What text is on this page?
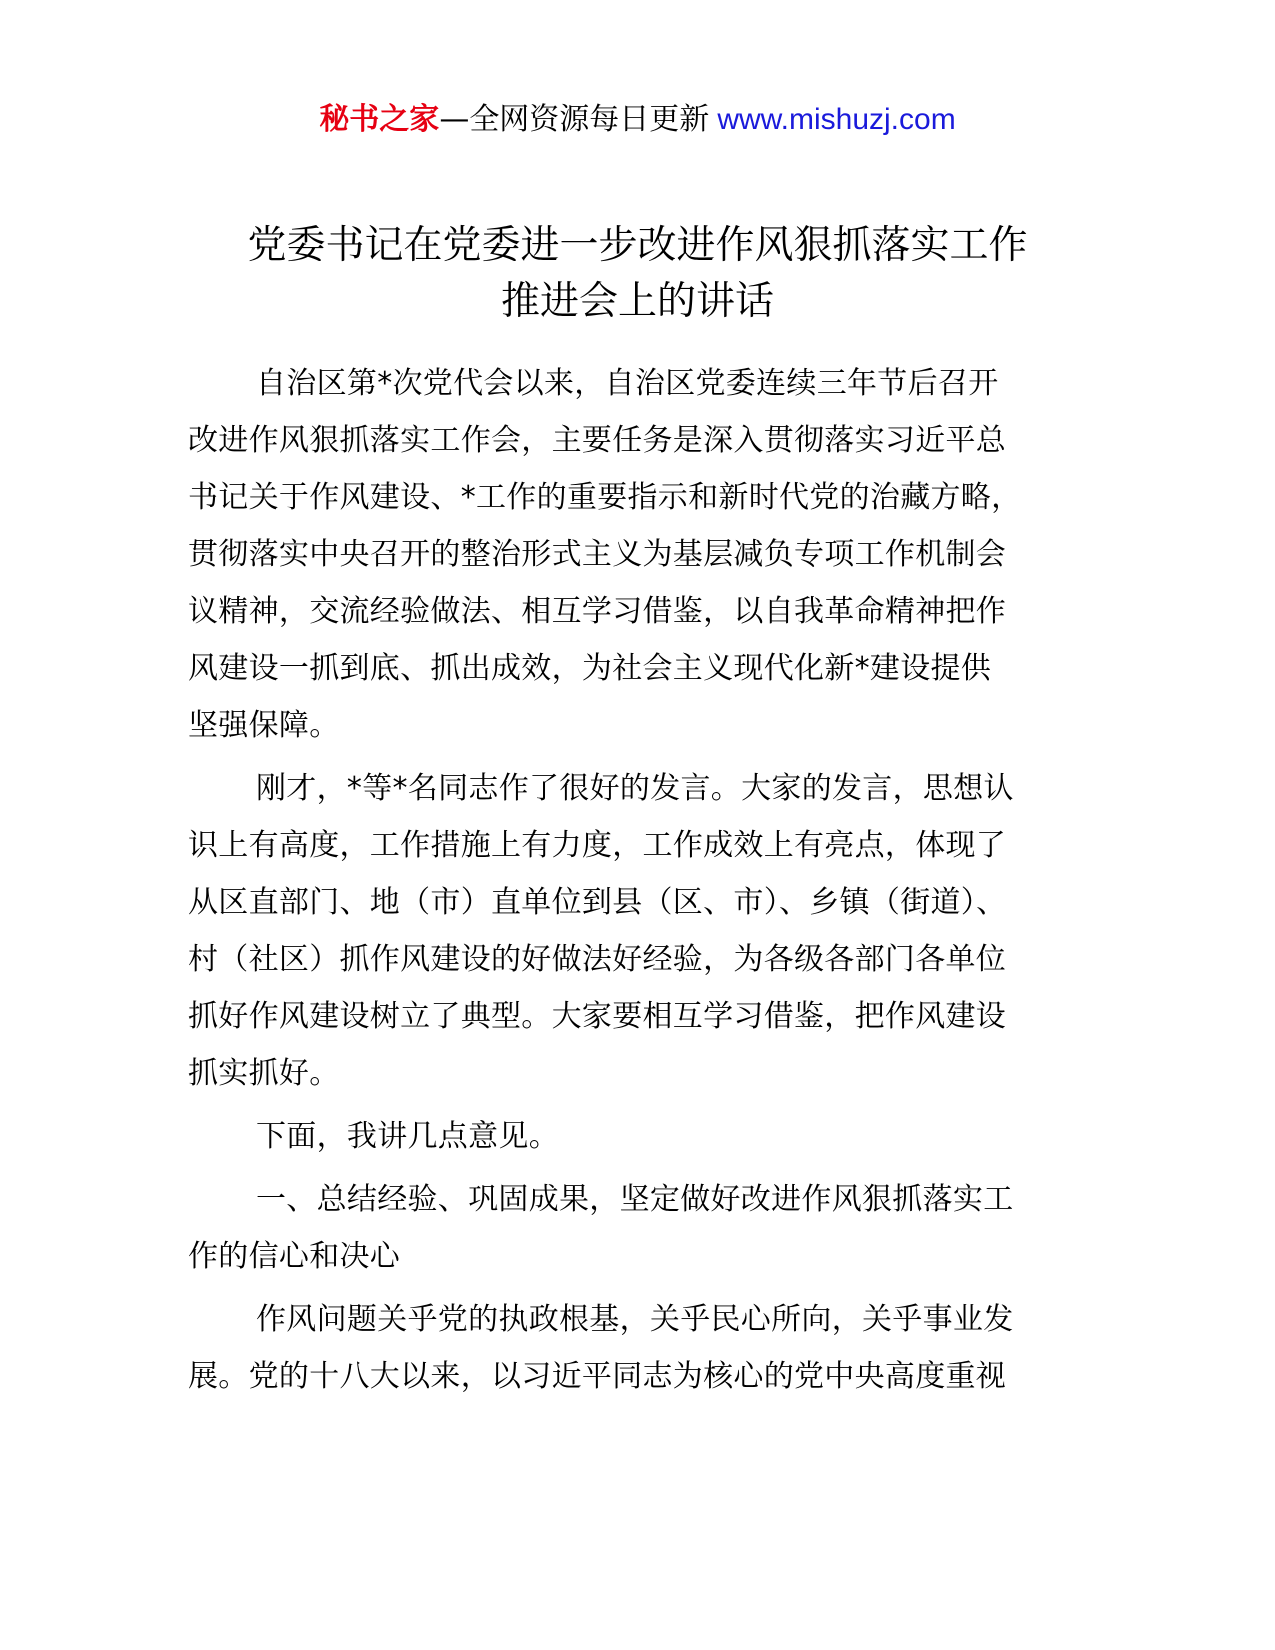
秘书之家—全网资源每日更新 www.mishuzj.com
党委书记在党委进一步改进作风狠抓落实工作
推进会上的讲话
自治区第*次党代会以来，自治区党委连续三年节后召开
改进作风狠抓落实工作会，主要任务是深入贯彻落实习近平总
书记关于作风建设、*工作的重要指示和新时代党的治藏方略，
贯彻落实中央召开的整治形式主义为基层减负专项工作机制会
议精神，交流经验做法、相互学习借鉴，以自我革命精神把作
风建设一抓到底、抓出成效，为社会主义现代化新*建设提供
坚强保障。
刚才，*等*名同志作了很好的发言。大家的发言，思想认
识上有高度，工作措施上有力度，工作成效上有亮点，体现了
从区直部门、地（市）直单位到县（区、市）、乡镇（街道）、
村（社区）抓作风建设的好做法好经验，为各级各部门各单位
抓好作风建设树立了典型。大家要相互学习借鉴，把作风建设
抓实抓好。
下面，我讲几点意见。
一、总结经验、巩固成果，坚定做好改进作风狠抓落实工
作的信心和决心
作风问题关乎党的执政根基，关乎民心所向，关乎事业发
展。党的十八大以来，以习近平同志为核心的党中央高度重视
